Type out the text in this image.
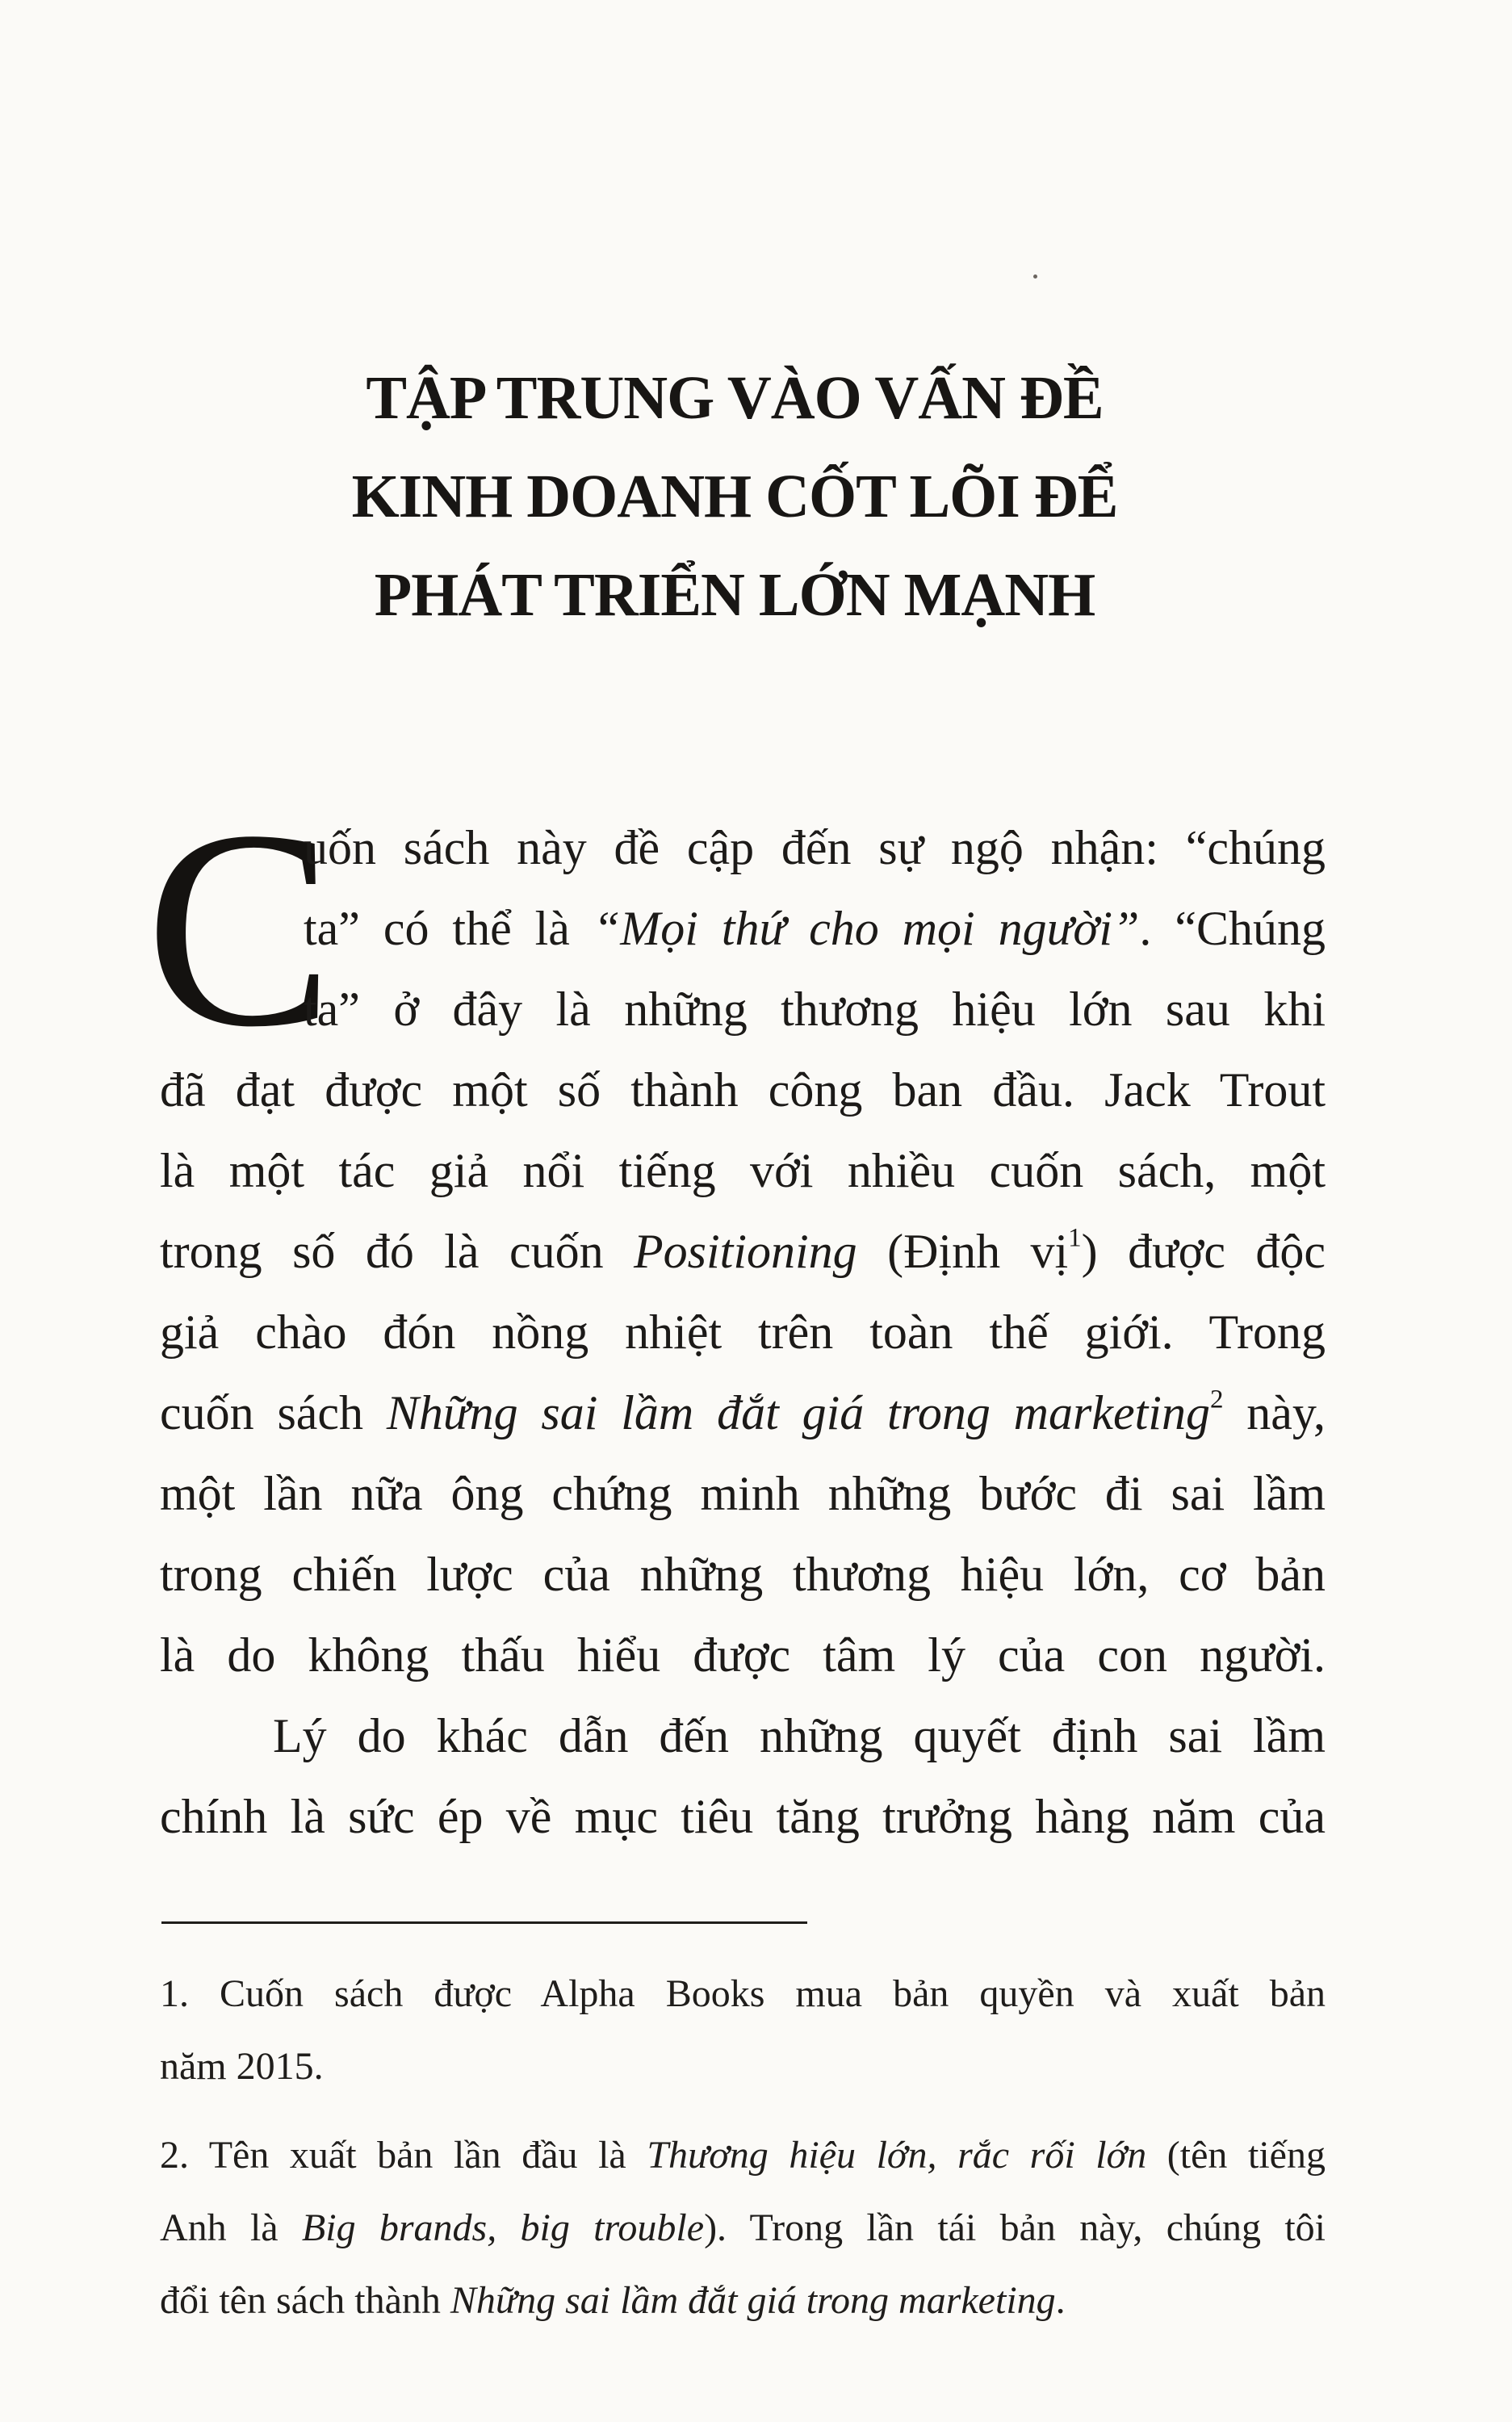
TẬP TRUNG VÀO VẤN ĐỀ
KINH DOANH CỐT LÕI ĐỂ
PHÁT TRIỂN LỚN MẠNH
C
uốn sách này đề cập đến sự ngộ nhận: “chúng
ta” có thể là “Mọi thứ cho mọi người”. “Chúng
ta” ở đây là những thương hiệu lớn sau khi
đã đạt được một số thành công ban đầu. Jack Trout
là một tác giả nổi tiếng với nhiều cuốn sách, một
trong số đó là cuốn Positioning (Định vị$^1$) được độc
giả chào đón nồng nhiệt trên toàn thế giới. Trong
cuốn sách Những sai lầm đắt giá trong marketing$^2$ này,
một lần nữa ông chứng minh những bước đi sai lầm
trong chiến lược của những thương hiệu lớn, cơ bản
là do không thấu hiểu được tâm lý của con người.
Lý do khác dẫn đến những quyết định sai lầm
chính là sức ép về mục tiêu tăng trưởng hàng năm của
1. Cuốn sách được Alpha Books mua bản quyền và xuất bản
năm 2015.
2. Tên xuất bản lần đầu là Thương hiệu lớn, rắc rối lớn (tên tiếng
Anh là Big brands, big trouble). Trong lần tái bản này, chúng tôi
đổi tên sách thành Những sai lầm đắt giá trong marketing.
